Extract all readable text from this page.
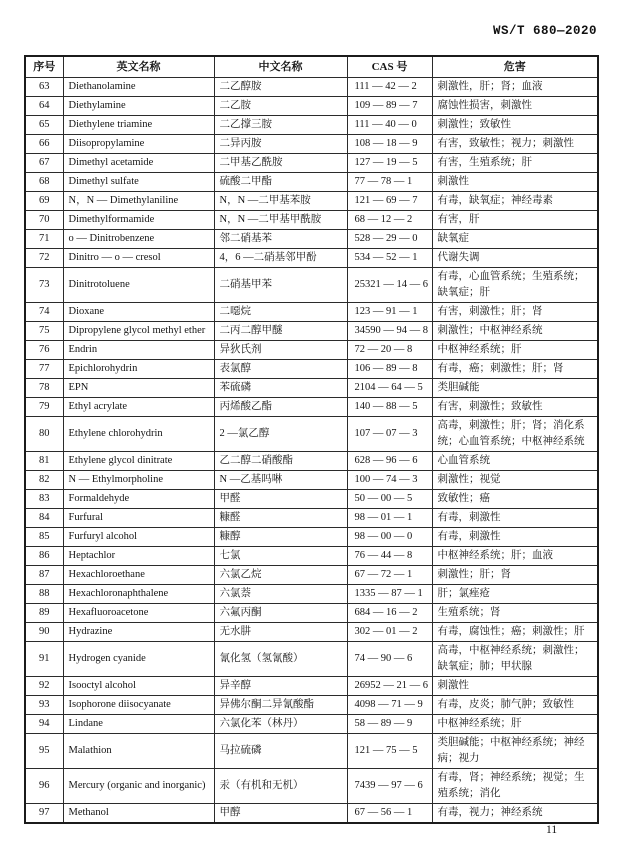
WS/T 680—2020
序号	英文名称	中文名称	CAS 号	危害
63	Diethanolamine	二乙醇胺	111 — 42 — 2	刺激性，肝；肾；血液
64	Diethylamine	二乙胺	109 — 89 — 7	腐蚀性损害，刺激性
65	Diethylene triamine	二乙撑三胺	111 — 40 — 0	刺激性；致敏性
66	Diisopropylamine	二异丙胺	108 — 18 — 9	有害，致敏性；视力；刺激性
67	Dimethyl acetamide	二甲基乙酰胺	127 — 19 — 5	有害，生殖系统；肝
68	Dimethyl sulfate	硫酸二甲酯	77 — 78 — 1	刺激性
69	N，N — Dimethylaniline	N，N —二甲基苯胺	121 — 69 — 7	有毒，缺氧症；神经毒素
70	Dimethylformamide	N，N —二甲基甲酰胺	68 — 12 — 2	有害，肝
71	o — Dinitrobenzene	邻二硝基苯	528 — 29 — 0	缺氧症
72	Dinitro — o — cresol	4，6 —二硝基邻甲酚	534 — 52 — 1	代谢失调
73	Dinitrotoluene	二硝基甲苯	25321 — 14 — 6	有毒，心血管系统；生殖系统；缺氧症；肝
74	Dioxane	二噁烷	123 — 91 — 1	有害，刺激性；肝；肾
75	Dipropylene glycol methyl ether	二丙二醇甲醚	34590 — 94 — 8	刺激性；中枢神经系统
76	Endrin	异狄氏剂	72 — 20 — 8	中枢神经系统；肝
77	Epichlorohydrin	表氯醇	106 — 89 — 8	有毒，癌；刺激性；肝；肾
78	EPN	苯硫磷	2104 — 64 — 5	类胆碱能
79	Ethyl acrylate	丙烯酸乙酯	140 — 88 — 5	有害，刺激性；致敏性
80	Ethylene chlorohydrin	2 —氯乙醇	107 — 07 — 3	高毒，刺激性；肝；肾；消化系统；心血管系统；中枢神经系统
81	Ethylene glycol dinitrate	乙二醇二硝酸酯	628 — 96 — 6	心血管系统
82	N — Ethylmorpholine	N —乙基吗啉	100 — 74 — 3	刺激性；视觉
83	Formaldehyde	甲醛	50 — 00 — 5	致敏性；癌
84	Furfural	糠醛	98 — 01 — 1	有毒，刺激性
85	Furfuryl alcohol	糠醇	98 — 00 — 0	有毒，刺激性
86	Heptachlor	七氯	76 — 44 — 8	中枢神经系统；肝；血液
87	Hexachloroethane	六氯乙烷	67 — 72 — 1	刺激性；肝；肾
88	Hexachloronaphthalene	六氯萘	1335 — 87 — 1	肝；氯痤疮
89	Hexafluoroacetone	六氟丙酮	684 — 16 — 2	生殖系统；肾
90	Hydrazine	无水肼	302 — 01 — 2	有毒，腐蚀性；癌；刺激性；肝
91	Hydrogen cyanide	氰化氢（氢氰酸）	74 — 90 — 6	高毒，中枢神经系统；刺激性；缺氧症；肺；甲状腺
92	Isooctyl alcohol	异辛醇	26952 — 21 — 6	刺激性
93	Isophorone diisocyanate	异佛尔酮二异氰酸酯	4098 — 71 — 9	有毒，皮炎；肺气肿；致敏性
94	Lindane	六氯化苯（林丹）	58 — 89 — 9	中枢神经系统；肝
95	Malathion	马拉硫磷	121 — 75 — 5	类胆碱能；中枢神经系统；神经病；视力
96	Mercury (organic and inorganic)	汞（有机和无机）	7439 — 97 — 6	有毒，肾；神经系统；视觉；生殖系统；消化
97	Methanol	甲醇	67 — 56 — 1	有毒，视力；神经系统
11
